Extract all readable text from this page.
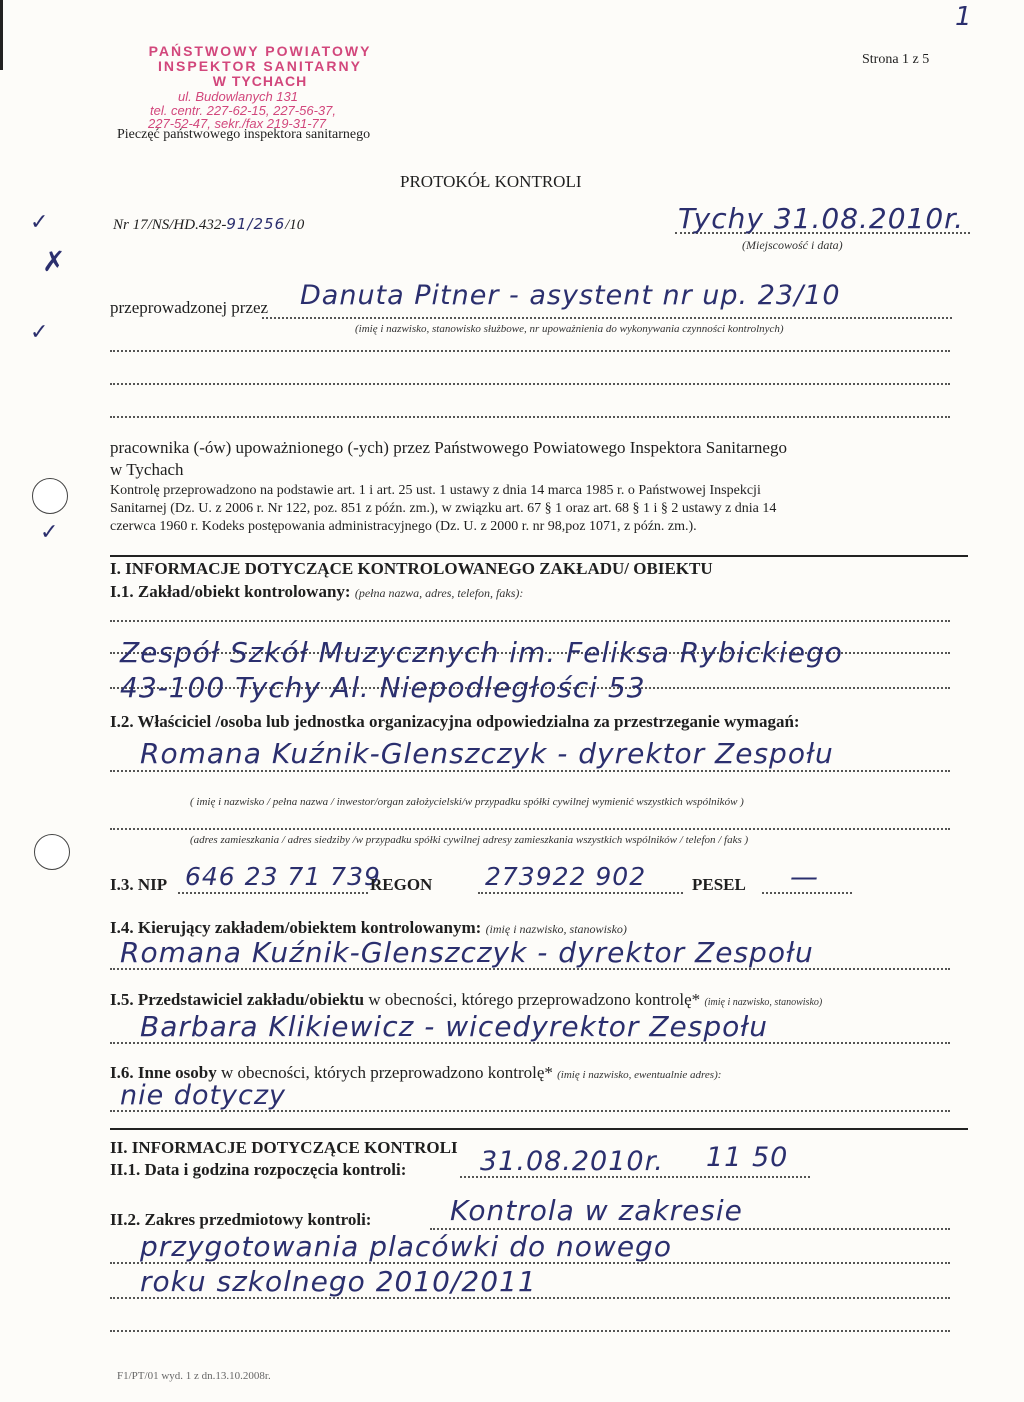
1
Strona 1 z 5
✓
✗
✓
✓
PAŃSTWOWY POWIATOWY
INSPEKTOR SANITARNY
W TYCHACH
ul. Budowlanych 131
tel. centr. 227-62-15, 227-56-37,
227-52-47, sekr./fax 219-31-77
Pieczęć państwowego inspektora sanitarnego
PROTOKÓŁ KONTROLI
Nr 17/NS/HD.432-91/256/10	Tychy 31.08.2010r.
(Miejscowość i data)
przeprowadzonej przez Danuta Pitner - asystent nr up. 23/10
(imię i nazwisko, stanowisko służbowe, nr upoważnienia do wykonywania czynności kontrolnych)
pracownika (-ów) upoważnionego (-ych) przez Państwowego Powiatowego Inspektora Sanitarnego
w Tychach
Kontrolę przeprowadzono na podstawie art. 1 i art. 25 ust. 1 ustawy z dnia 14 marca 1985 r. o Państwowej Inspekcji
Sanitarnej (Dz. U. z 2006 r. Nr 122, poz. 851 z późn. zm.), w związku art. 67 § 1 oraz art. 68 § 1 i § 2 ustawy z dnia 14
czerwca 1960 r. Kodeks postępowania administracyjnego (Dz. U. z 2000 r. nr 98,poz 1071, z późn. zm.).
I. INFORMACJE DOTYCZĄCE KONTROLOWANEGO ZAKŁADU/ OBIEKTU
I.1. Zakład/obiekt kontrolowany: (pełna nazwa, adres, telefon, faks):
Zespół Szkół Muzycznych im. Feliksa Rybickiego
43-100 Tychy Al. Niepodległości 53
I.2. Właściciel /osoba lub jednostka organizacyjna odpowiedzialna za przestrzeganie wymagań:
Romana Kuźnik-Glenszczyk - dyrektor Zespołu
( imię i nazwisko / pełna nazwa / inwestor/organ założycielski/w przypadku spółki cywilnej wymienić wszystkich wspólników )
(adres zamieszkania / adres siedziby /w przypadku spółki cywilnej adresy zamieszkania wszystkich wspólników / telefon / faks )
I.3. NIP 646 23 71 739
REGON 273922 902	PESEL —
I.4. Kierujący zakładem/obiektem kontrolowanym: (imię i nazwisko, stanowisko)
Romana Kuźnik-Glenszczyk - dyrektor Zespołu
I.5. Przedstawiciel zakładu/obiektu w obecności, którego przeprowadzono kontrolę* (imię i nazwisko, stanowisko)
Barbara Klikiewicz - wicedyrektor Zespołu
I.6. Inne osoby w obecności, których przeprowadzono kontrolę* (imię i nazwisko, ewentualnie adres):
nie dotyczy
II. INFORMACJE DOTYCZĄCE KONTROLI
II.1. Data i godzina rozpoczęcia kontroli:	31.08.2010r. 11 50
II.2. Zakres przedmiotowy kontroli:	Kontrola w zakresie
przygotowania placówki do nowego
roku szkolnego 2010/2011
F1/PT/01 wyd. 1 z dn.13.10.2008r.
